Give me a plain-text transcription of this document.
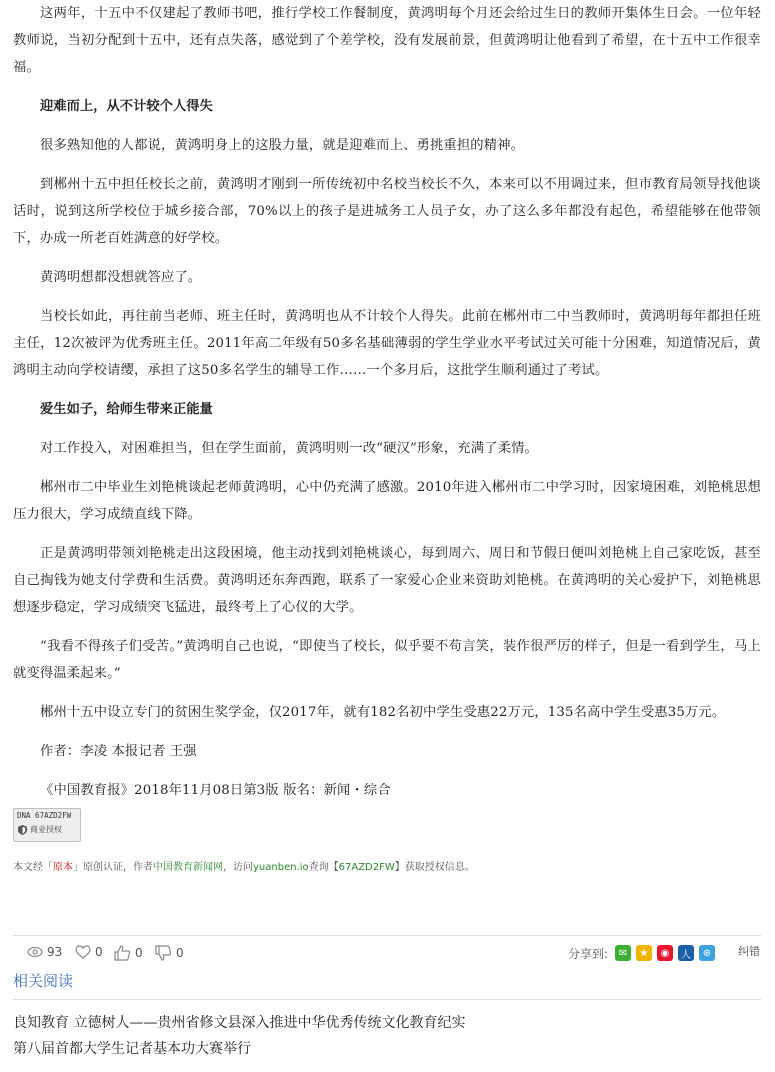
这两年，十五中不仅建起了教师书吧，推行学校工作餐制度，黄鸿明每个月还会给过生日的教师开集体生日会。一位年轻教师说，当初分配到十五中，还有点失落，感觉到了个差学校，没有发展前景，但黄鸿明让他看到了希望，在十五中工作很幸福。

迎难而上，从不计较个人得失

很多熟知他的人都说，黄鸿明身上的这股力量，就是迎难而上、勇挑重担的精神。

到郴州十五中担任校长之前，黄鸿明才刚到一所传统初中名校当校长不久，本来可以不用调过来，但市教育局领导找他谈话时，说到这所学校位于城乡接合部，70%以上的孩子是进城务工人员子女，办了这么多年都没有起色，希望能够在他带领下，办成一所老百姓满意的好学校。

黄鸿明想都没想就答应了。

当校长如此，再往前当老师、班主任时，黄鸿明也从不计较个人得失。此前在郴州市二中当教师时，黄鸿明每年都担任班主任，12次被评为优秀班主任。2011年高二年级有50多名基础薄弱的学生学业水平考试过关可能十分困难，知道情况后，黄鸿明主动向学校请缨，承担了这50多名学生的辅导工作……一个多月后，这批学生顺利通过了考试。

爱生如子，给师生带来正能量

对工作投入，对困难担当，但在学生面前，黄鸿明则一改“硬汉”形象，充满了柔情。

郴州市二中毕业生刘艳桃谈起老师黄鸿明，心中仍充满了感激。2010年进入郴州市二中学习时，因家境困难，刘艳桃思想压力很大，学习成绩直线下降。

正是黄鸿明带领刘艳桃走出这段困境，他主动找到刘艳桃谈心，每到周六、周日和节假日便叫刘艳桃上自己家吃饭，甚至自己掏钱为她支付学费和生活费。黄鸿明还东奔西跑，联系了一家爱心企业来资助刘艳桃。在黄鸿明的关心爱护下，刘艳桃思想逐步稳定，学习成绩突飞猛进，最终考上了心仪的大学。

“我看不得孩子们受苦。”黄鸿明自己也说，“即使当了校长，似乎要不苟言笑，装作很严厉的样子，但是一看到学生，马上就变得温柔起来。”

郴州十五中设立专门的贫困生奖学金，仅2017年，就有182名初中学生受惠22万元，135名高中学生受惠35万元。

作者：李凌 本报记者 王强

《中国教育报》2018年11月08日第3版 版名：新闻・综合

DNA 67AZD2FW
商业授权
本文经「原本」原创认证，作者中国教育新闻网，访问yuanben.io查询【67AZD2FW】获取授权信息。
93	0	0	0	分享到:	✉	★	◉	人	⊕	纠错
相关阅读
良知教育 立德树人——贵州省修文县深入推进中华优秀传统文化教育纪实
第八届首都大学生记者基本功大赛举行
